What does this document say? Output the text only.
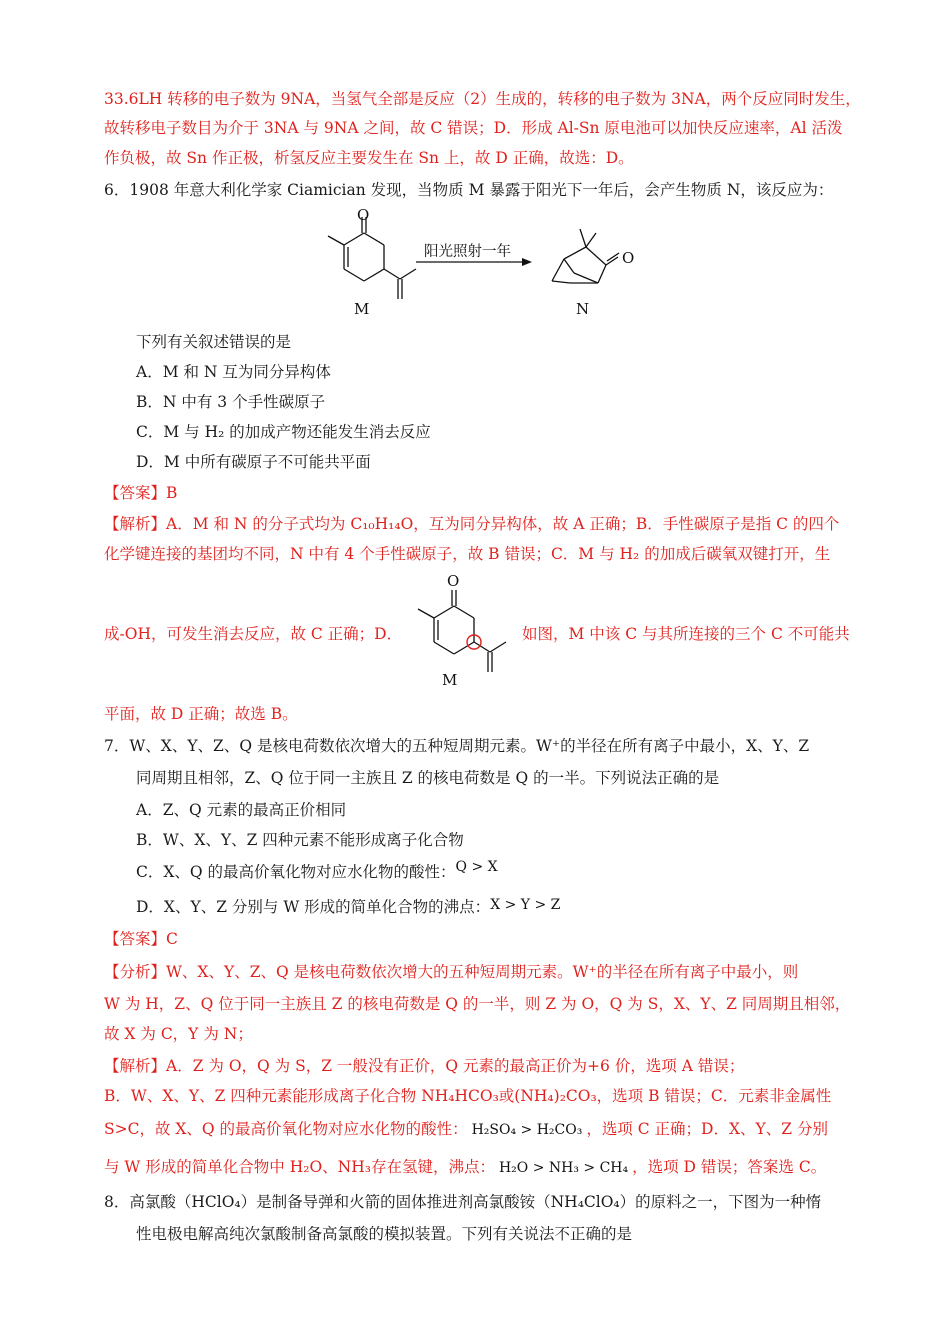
33.6LH 转移的电子数为 9NA，当氢气全部是反应（2）生成的，转移的电子数为 3NA，两个反应同时发生，
故转移电子数目为介于 3NA 与 9NA 之间，故 C 错误；D．形成 Al-Sn 原电池可以加快反应速率，Al 活泼
作负极，故 Sn 作正极，析氢反应主要发生在 Sn 上，故 D 正确，故选：D。
6．1908 年意大利化学家 Ciamician 发现，当物质 M 暴露于阳光下一年后，会产生物质 N，该反应为：
O
M
阳光照射一年	O
N
下列有关叙述错误的是
A．M 和 N 互为同分异构体
B．N 中有 3 个手性碳原子
C．M 与 H₂ 的加成产物还能发生消去反应
D．M 中所有碳原子不可能共平面
【答案】B
【解析】A．M 和 N 的分子式均为 C₁₀H₁₄O，互为同分异构体，故 A 正确；B．手性碳原子是指 C 的四个
化学键连接的基团均不同，N 中有 4 个手性碳原子，故 B 错误；C．M 与 H₂ 的加成后碳氧双键打开，生
成-OH，可发生消去反应，故 C 正确；D．
O
M
如图，M 中该 C 与其所连接的三个 C 不可能共
平面，故 D 正确；故选 B。
7．W、X、Y、Z、Q 是核电荷数依次增大的五种短周期元素。W⁺的半径在所有离子中最小，X、Y、Z
同周期且相邻，Z、Q 位于同一主族且 Z 的核电荷数是 Q 的一半。下列说法正确的是
A．Z、Q 元素的最高正价相同
B．W、X、Y、Z 四种元素不能形成离子化合物
C．X、Q 的最高价氧化物对应水化物的酸性：Q > X
D．X、Y、Z 分别与 W 形成的简单化合物的沸点：X > Y > Z
【答案】C
【分析】W、X、Y、Z、Q 是核电荷数依次增大的五种短周期元素。W⁺的半径在所有离子中最小，则
W 为 H，Z、Q 位于同一主族且 Z 的核电荷数是 Q 的一半，则 Z 为 O，Q 为 S，X、Y、Z 同周期且相邻，
故 X 为 C，Y 为 N；
【解析】A．Z 为 O，Q 为 S，Z 一般没有正价，Q 元素的最高正价为+6 价，选项 A 错误；
B．W、X、Y、Z 四种元素能形成离子化合物 NH₄HCO₃或(NH₄)₂CO₃，选项 B 错误；C．元素非金属性
S>C，故 X、Q 的最高价氧化物对应水化物的酸性： H₂SO₄ > H₂CO₃ ，选项 C 正确；D．X、Y、Z 分别
与 W 形成的简单化合物中 H₂O、NH₃存在氢键，沸点： H₂O > NH₃ > CH₄ ，选项 D 错误；答案选 C。
8．高氯酸（HClO₄）是制备导弹和火箭的固体推进剂高氯酸铵（NH₄ClO₄）的原料之一，下图为一种惰
性电极电解高纯次氯酸制备高氯酸的模拟装置。下列有关说法不正确的是
